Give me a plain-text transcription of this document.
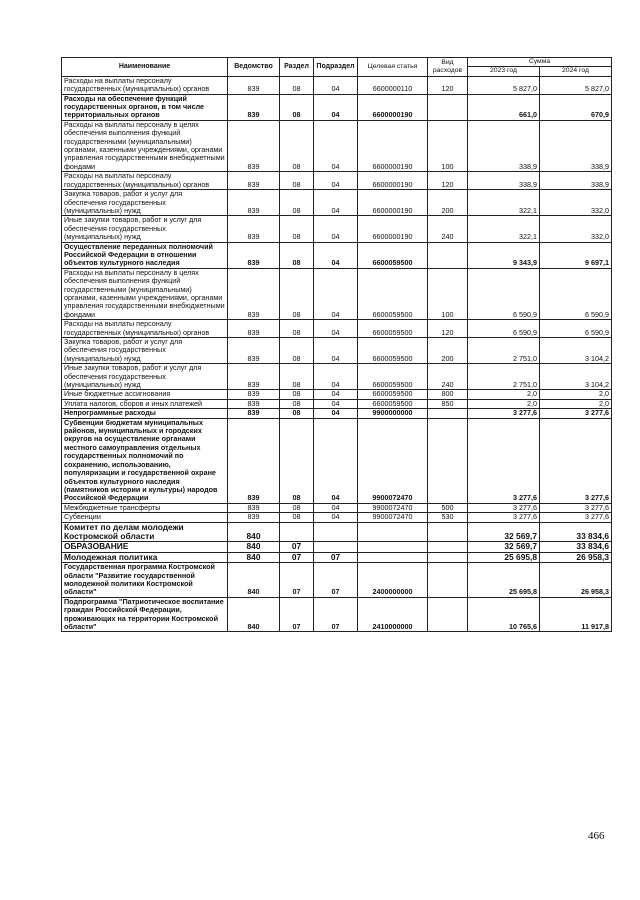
Наименование	Ведомство	Раздел	Подраздел	Целевая статья	Вид расходов	Сумма	
						2023 год	2024 год
Расходы на выплаты персоналу государственных (муниципальных) органов	839	08	04	6600000110	120	5 827,0	5 827,0
Расходы на обеспечение функций государственных органов, в том числе территориальных органов	839	08	04	6600000190		661,0	670,9
Расходы на выплаты персоналу в целях обеспечения выполнения функций государственными (муниципальными) органами, казенными учреждениями, органами управления государственными внебюджетными фондами	839	08	04	6600000190	100	338,9	338,9
Расходы на выплаты персоналу государственных (муниципальных) органов	839	08	04	6600000190	120	338,9	338,9
Закупка товаров, работ и услуг для обеспечения государственных (муниципальных) нужд	839	08	04	6600000190	200	322,1	332,0
Иные закупки товаров, работ и услуг для обеспечения государственных (муниципальных) нужд	839	08	04	6600000190	240	322,1	332,0
Осуществление переданных полномочий Российской Федерации в отношении объектов культурного наследия	839	08	04	6600059500		9 343,9	9 697,1
Расходы на выплаты персоналу в целях обеспечения выполнения функций государственными (муниципальными) органами, казенными учреждениями, органами управления государственными внебюджетными фондами	839	08	04	6600059500	100	6 590,9	6 590,9
Расходы на выплаты персоналу государственных (муниципальных) органов	839	08	04	6600059500	120	6 590,9	6 590,9
Закупка товаров, работ и услуг для обеспечения государственных (муниципальных) нужд	839	08	04	6600059500	200	2 751,0	3 104,2
Иные закупки товаров, работ и услуг для обеспечения государственных (муниципальных) нужд	839	08	04	6600059500	240	2 751,0	3 104,2
Иные бюджетные ассигнования	839	08	04	6600059500	800	2,0	2,0
Уплата налогов, сборов и иных платежей	839	08	04	6600059500	850	2,0	2,0
Непрограммные расходы	839	08	04	9900000000		3 277,6	3 277,6
Субвенции бюджетам муниципальных районов, муниципальных и городских округов на осуществление органами местного самоуправления отдельных государственных полномочий по сохранению, использованию, популяризации и государственной охране объектов культурного наследия (памятников истории и культуры) народов Российской Федерации	839	08	04	9900072470		3 277,6	3 277,6
Межбюджетные трансферты	839	08	04	9900072470	500	3 277,6	3 277,6
Субвенции	839	08	04	9900072470	530	3 277,6	3 277,6
Комитет по делам молодежи Костромской области	840					32 569,7	33 834,6
ОБРАЗОВАНИЕ	840	07				32 569,7	33 834,6
Молодежная политика	840	07	07			25 695,8	26 958,3
Государственная программа Костромской области "Развитие государственной молодежной политики Костромской области"	840	07	07	2400000000		25 695,8	26 958,3
Подпрограмма "Патриотическое воспитание граждан Российской Федерации, проживающих на территории Костромской области"	840	07	07	2410000000		10 765,6	11 917,8
466
